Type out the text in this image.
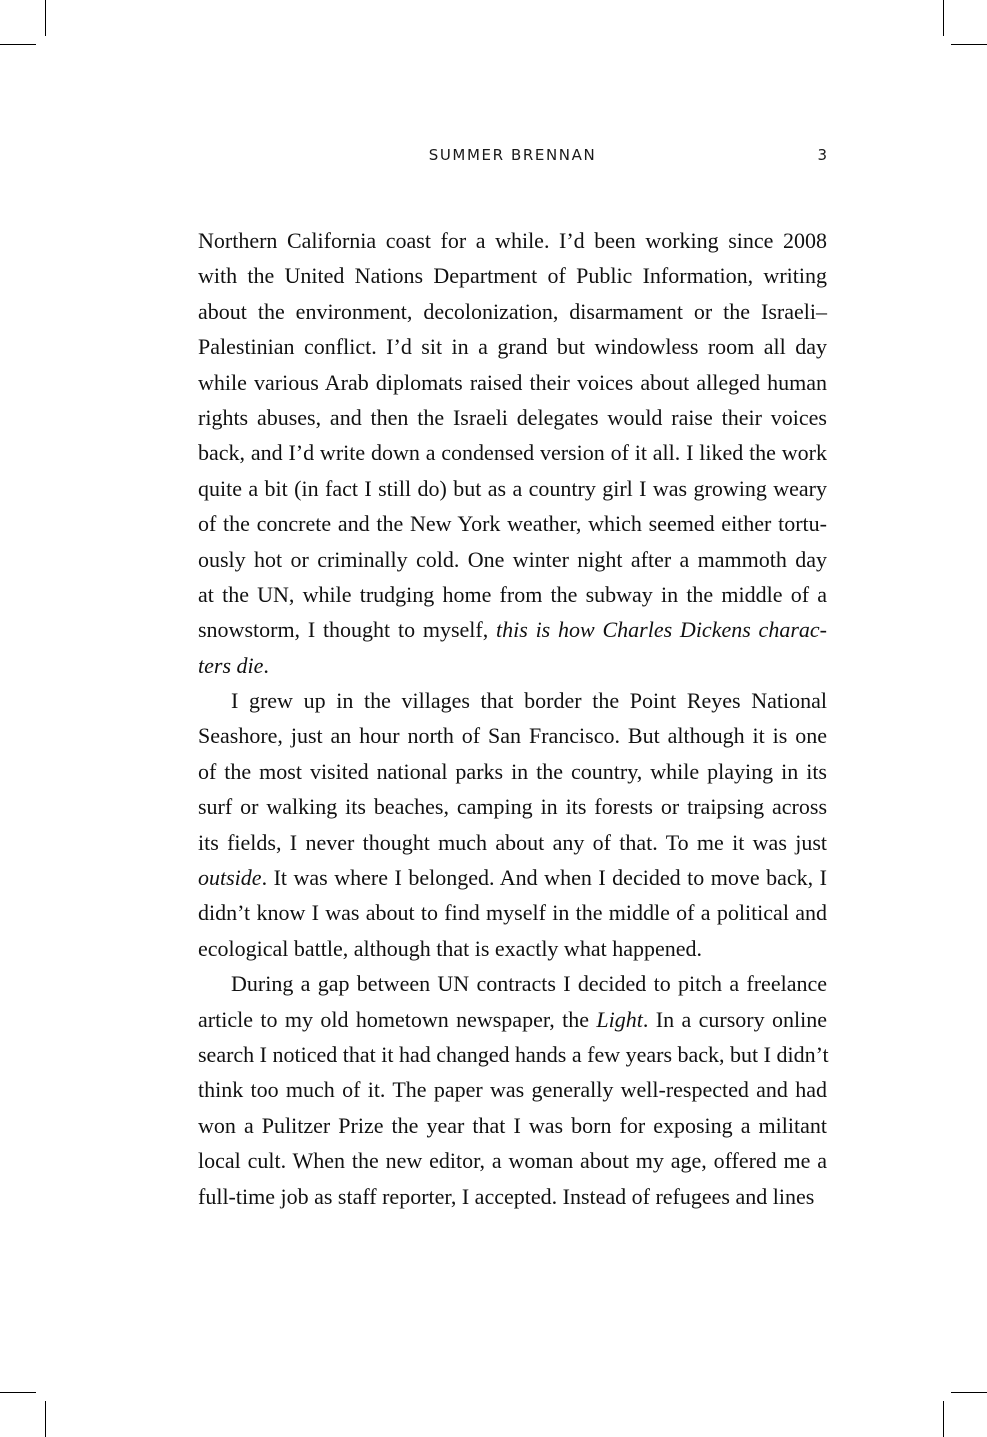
SUMMER BRENNAN	3

Northern California coast for a while. I’d been working since 2008
with the United Nations Department of Public Information, writing
about the environment, decolonization, disarmament or the Israeli–
Palestinian conflict. I’d sit in a grand but windowless room all day
while various Arab diplomats raised their voices about alleged human
rights abuses, and then the Israeli delegates would raise their voices
back, and I’d write down a condensed version of it all. I liked the work
quite a bit (in fact I still do) but as a country girl I was growing weary
of the concrete and the New York weather, which seemed either tortu-
ously hot or criminally cold. One winter night after a mammoth day
at the UN, while trudging home from the subway in the middle of a
snowstorm, I thought to myself, this is how Charles Dickens charac-
ters die.

I grew up in the villages that border the Point Reyes National
Seashore, just an hour north of San Francisco. But although it is one
of the most visited national parks in the country, while playing in its
surf or walking its beaches, camping in its forests or traipsing across
its fields, I never thought much about any of that. To me it was just
outside. It was where I belonged. And when I decided to move back, I
didn’t know I was about to find myself in the middle of a political and
ecological battle, although that is exactly what happened.

During a gap between UN contracts I decided to pitch a freelance
article to my old hometown newspaper, the Light. In a cursory online
search I noticed that it had changed hands a few years back, but I didn’t
think too much of it. The paper was generally well-respected and had
won a Pulitzer Prize the year that I was born for exposing a militant
local cult. When the new editor, a woman about my age, offered me a
full-time job as staff reporter, I accepted. Instead of refugees and lines
